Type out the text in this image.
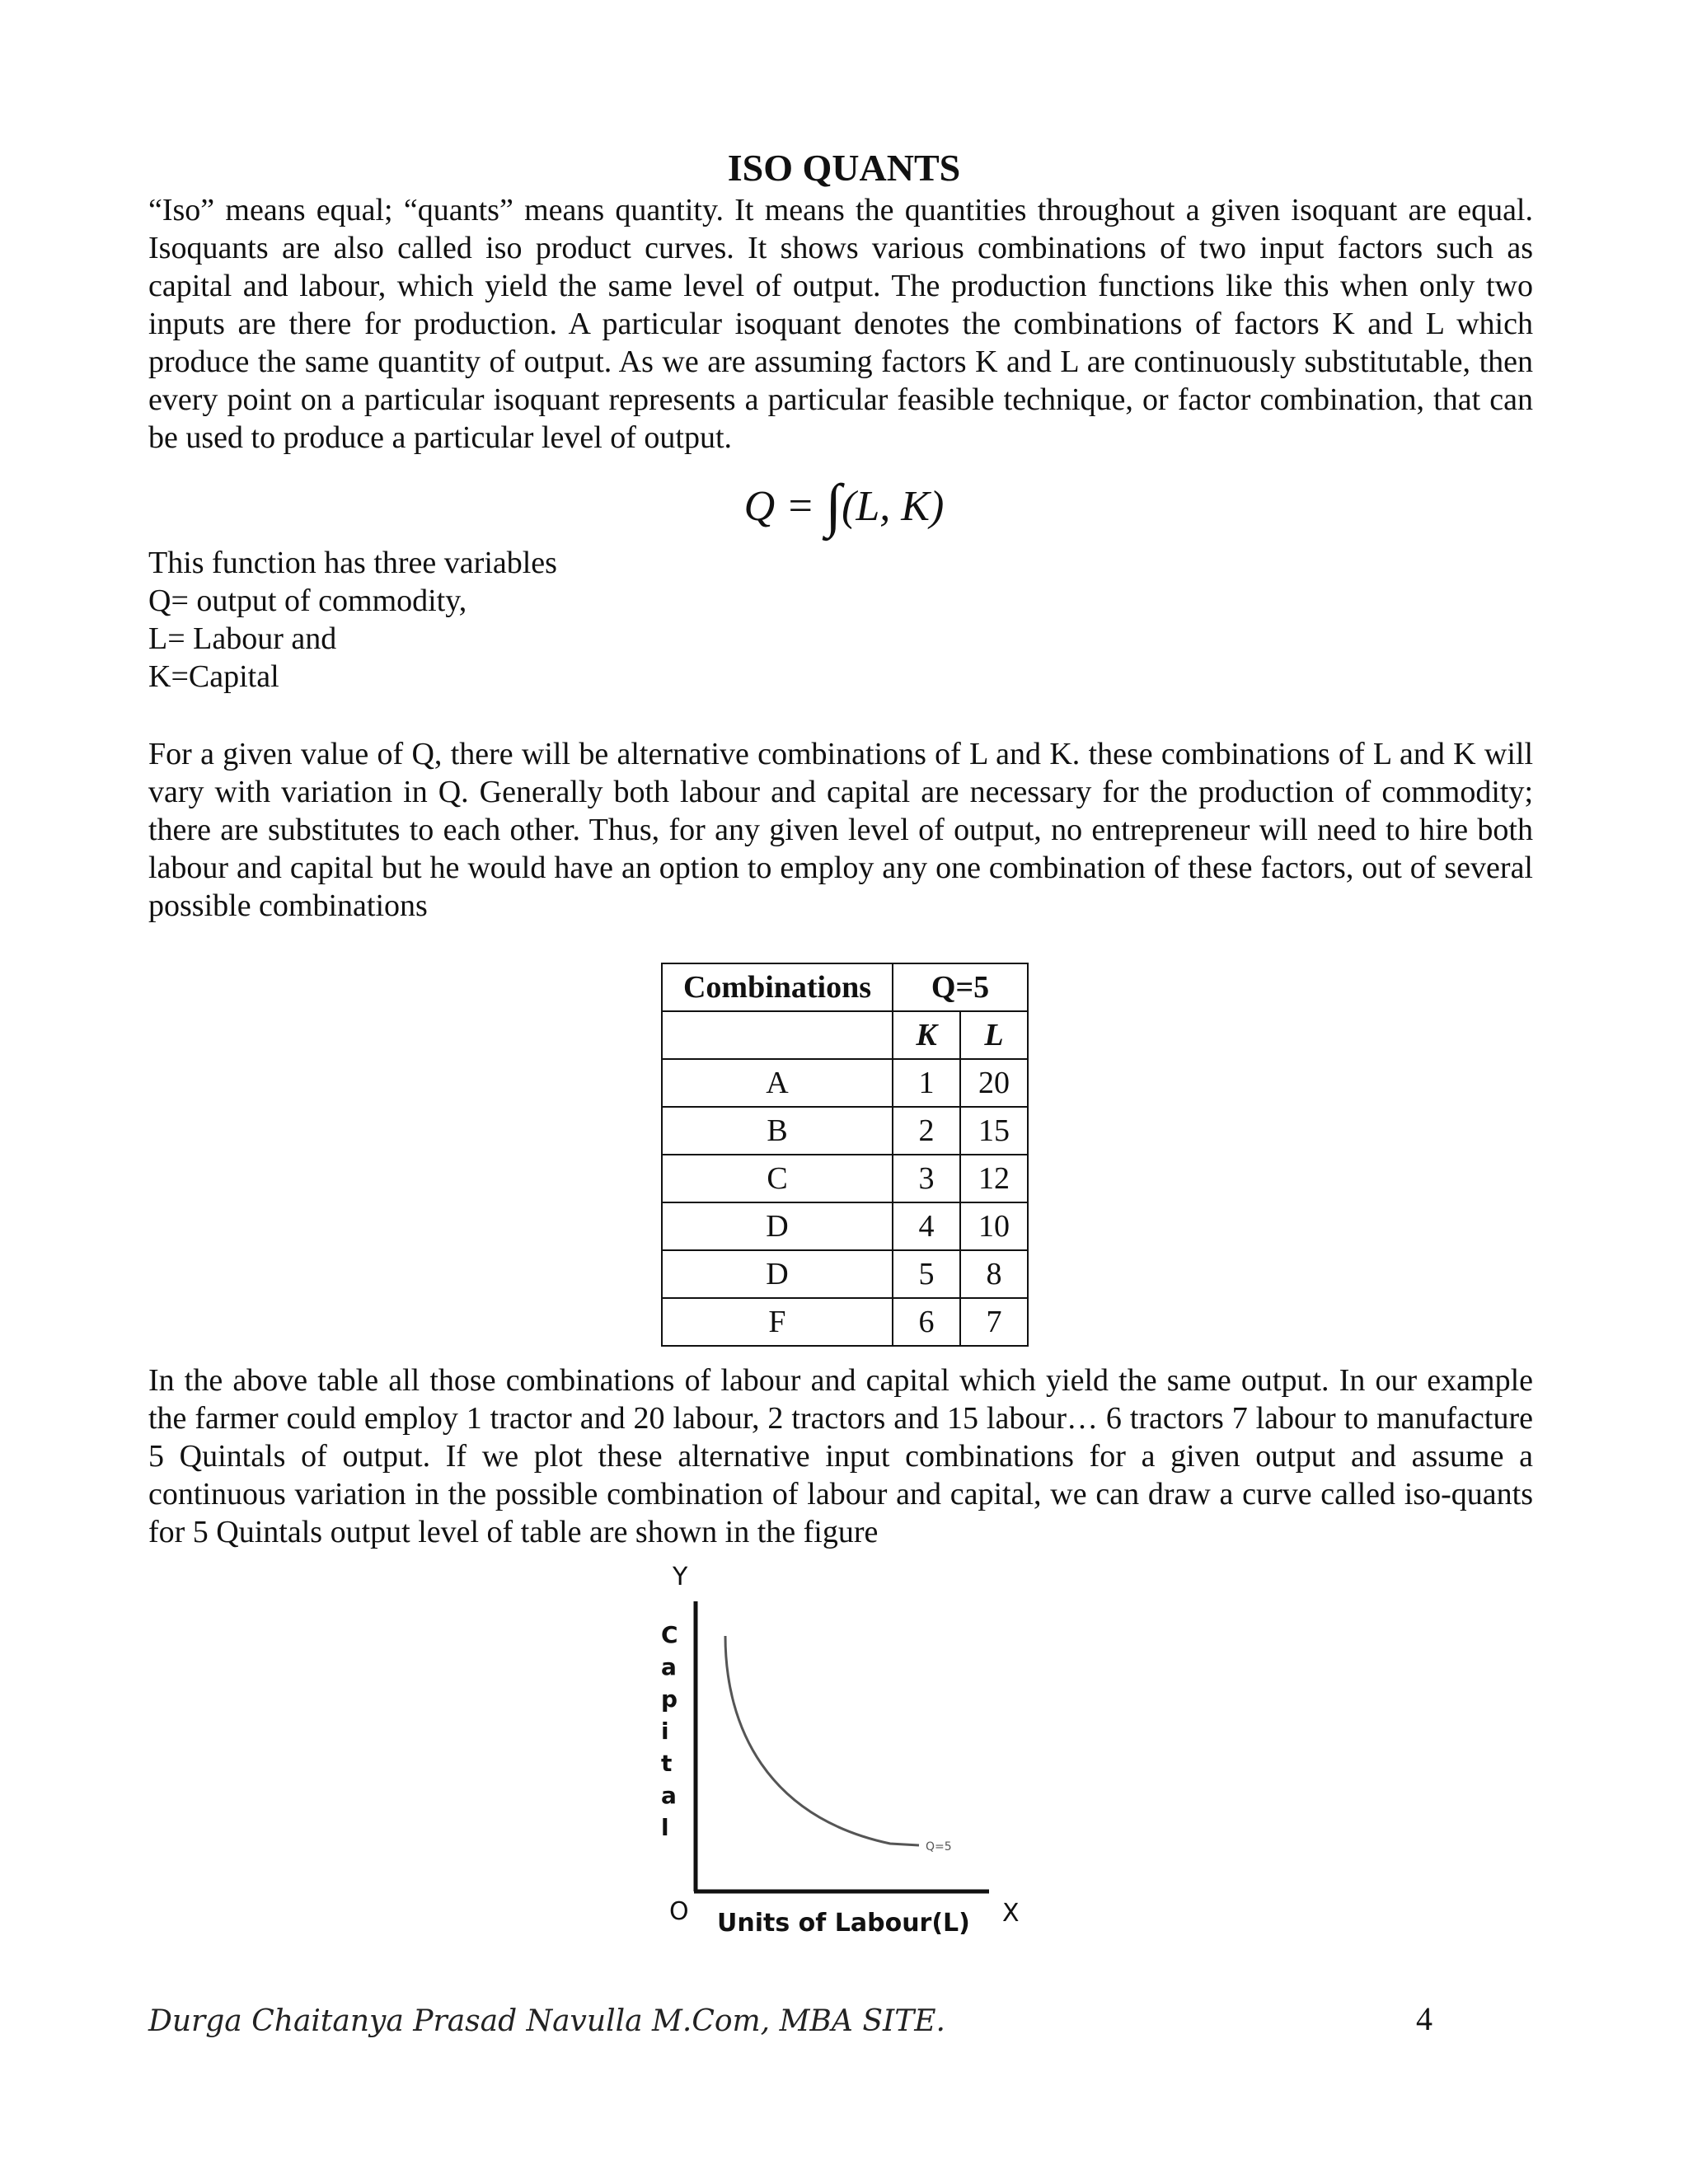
ISO QUANTS

“Iso” means equal; “quants” means quantity. It means the quantities throughout a given isoquant are equal. Isoquants are also called iso product curves. It shows various combinations of two input factors such as capital and labour, which yield the same level of output. The production functions like this when only two inputs are there for production. A particular isoquant denotes the combinations of factors K and L which produce the same quantity of output. As we are assuming factors K and L are continuously substitutable, then every point on a particular isoquant represents a particular feasible technique, or factor combination, that can be used to produce a particular level of output.

Q = ∫(L, K)
This function has three variables
Q= output of commodity,
L= Labour and
K=Capital

For a given value of Q, there will be alternative combinations of L and K. these combinations of L and K will vary with variation in Q. Generally both labour and capital are necessary for the production of commodity; there are substitutes to each other. Thus, for any given level of output, no entrepreneur will need to hire both labour and capital but he would have an option to employ any one combination of these factors, out of several possible combinations

Combinations	Q=5	
	K	L
A	1	20
B	2	15
C	3	12
D	4	10
D	5	8
F	6	7

In the above table all those combinations of labour and capital which yield the same output. In our example the farmer could employ 1 tractor and 20 labour, 2 tractors and 15 labour… 6 tractors 7 labour to manufacture 5 Quintals of output. If we plot these alternative input combinations for a given output and assume a continuous variation in the possible combination of labour and capital, we can draw a curve called iso-quants for 5 Quintals output level of table are shown in the figure

Y
C
a
p
i
t
a
l
O Units of Labour(L) X
Q=5
Durga Chaitanya Prasad Navulla M.Com, MBA SITE.	4
